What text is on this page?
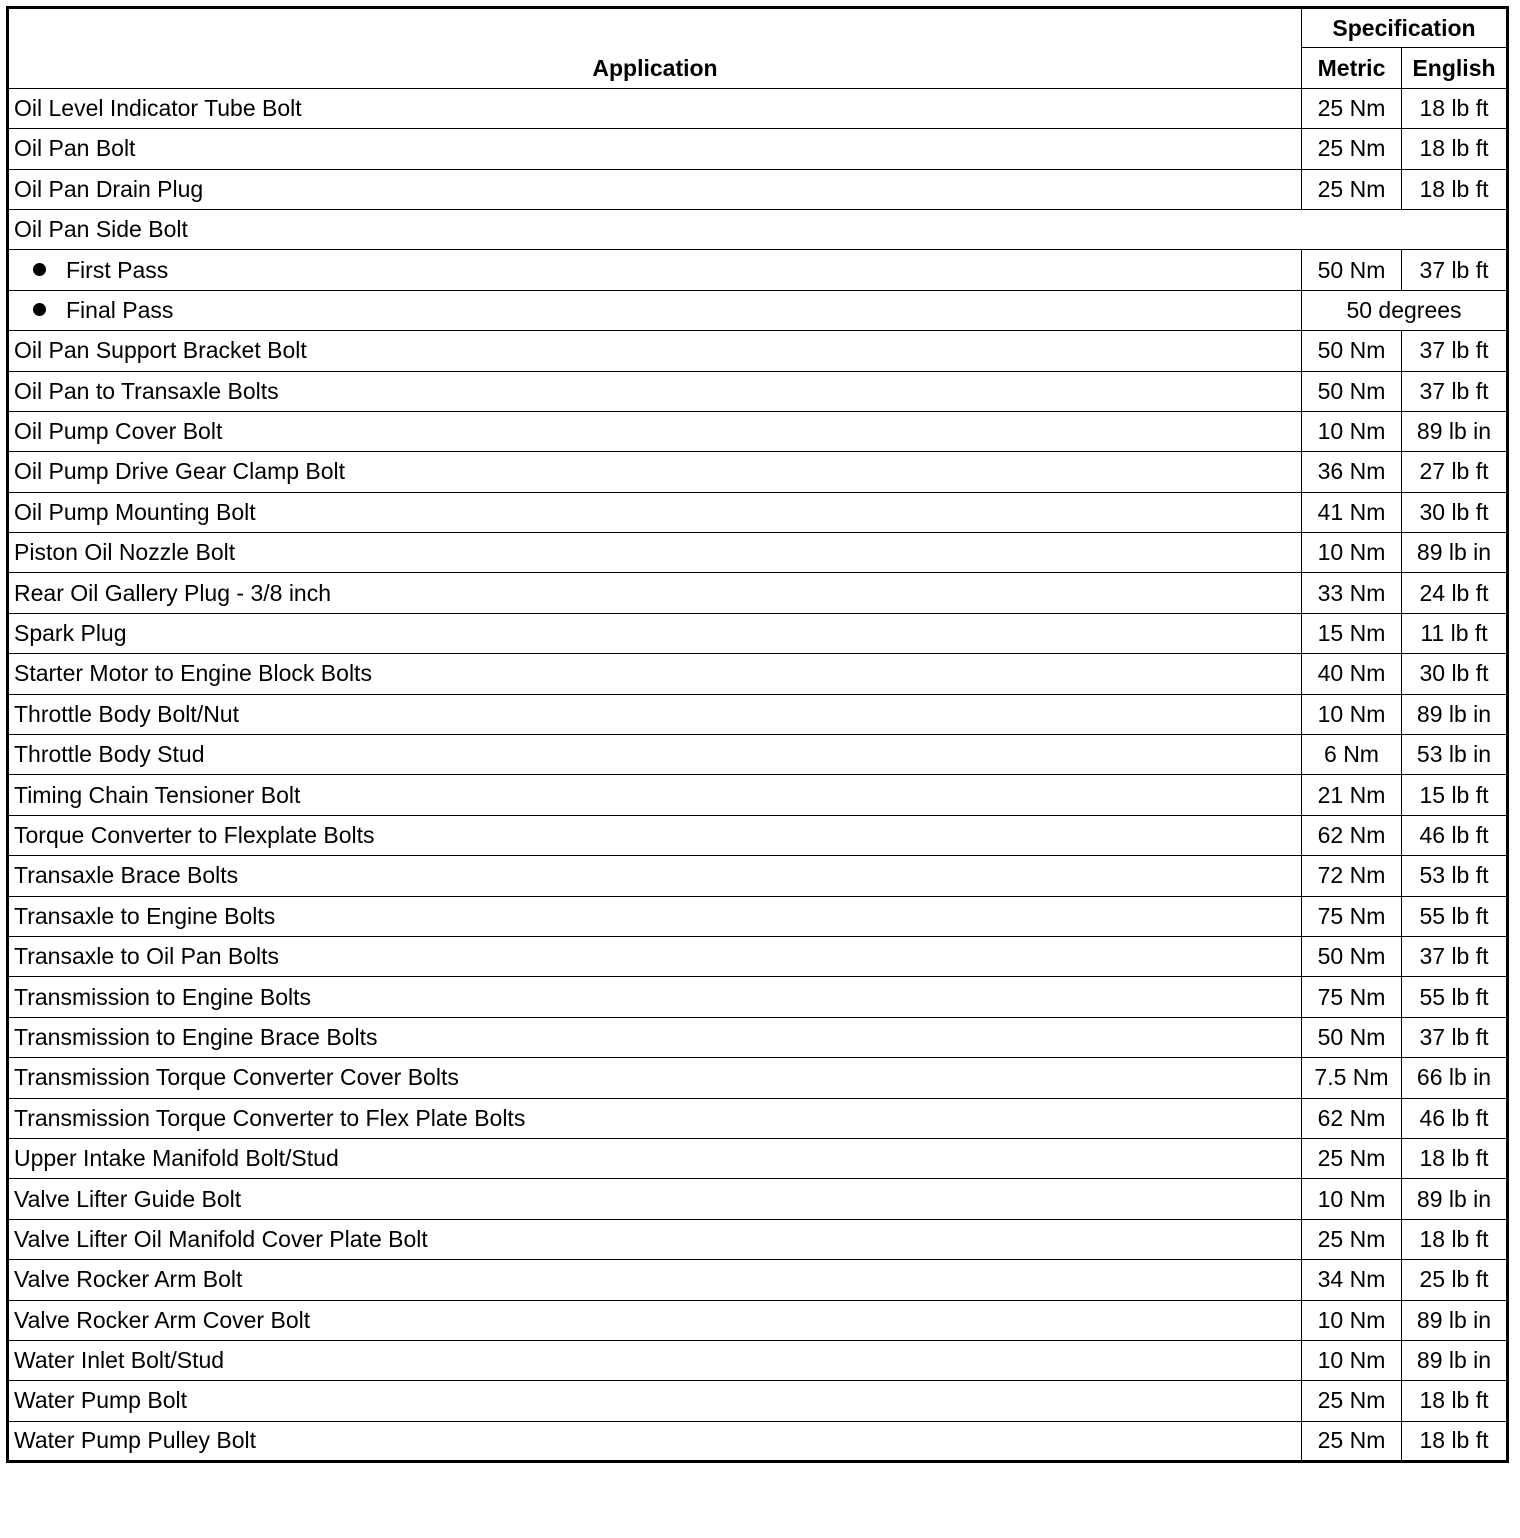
Application	Specification	
	Metric	English
Oil Level Indicator Tube Bolt	25 Nm	18 lb ft
Oil Pan Bolt	25 Nm	18 lb ft
Oil Pan Drain Plug	25 Nm	18 lb ft
Oil Pan Side Bolt		
First Pass	50 Nm	37 lb ft
Final Pass	50 degrees	
Oil Pan Support Bracket Bolt	50 Nm	37 lb ft
Oil Pan to Transaxle Bolts	50 Nm	37 lb ft
Oil Pump Cover Bolt	10 Nm	89 lb in
Oil Pump Drive Gear Clamp Bolt	36 Nm	27 lb ft
Oil Pump Mounting Bolt	41 Nm	30 lb ft
Piston Oil Nozzle Bolt	10 Nm	89 lb in
Rear Oil Gallery Plug - 3/8 inch	33 Nm	24 lb ft
Spark Plug	15 Nm	11 lb ft
Starter Motor to Engine Block Bolts	40 Nm	30 lb ft
Throttle Body Bolt/Nut	10 Nm	89 lb in
Throttle Body Stud	6 Nm	53 lb in
Timing Chain Tensioner Bolt	21 Nm	15 lb ft
Torque Converter to Flexplate Bolts	62 Nm	46 lb ft
Transaxle Brace Bolts	72 Nm	53 lb ft
Transaxle to Engine Bolts	75 Nm	55 lb ft
Transaxle to Oil Pan Bolts	50 Nm	37 lb ft
Transmission to Engine Bolts	75 Nm	55 lb ft
Transmission to Engine Brace Bolts	50 Nm	37 lb ft
Transmission Torque Converter Cover Bolts	7.5 Nm	66 lb in
Transmission Torque Converter to Flex Plate Bolts	62 Nm	46 lb ft
Upper Intake Manifold Bolt/Stud	25 Nm	18 lb ft
Valve Lifter Guide Bolt	10 Nm	89 lb in
Valve Lifter Oil Manifold Cover Plate Bolt	25 Nm	18 lb ft
Valve Rocker Arm Bolt	34 Nm	25 lb ft
Valve Rocker Arm Cover Bolt	10 Nm	89 lb in
Water Inlet Bolt/Stud	10 Nm	89 lb in
Water Pump Bolt	25 Nm	18 lb ft
Water Pump Pulley Bolt	25 Nm	18 lb ft
